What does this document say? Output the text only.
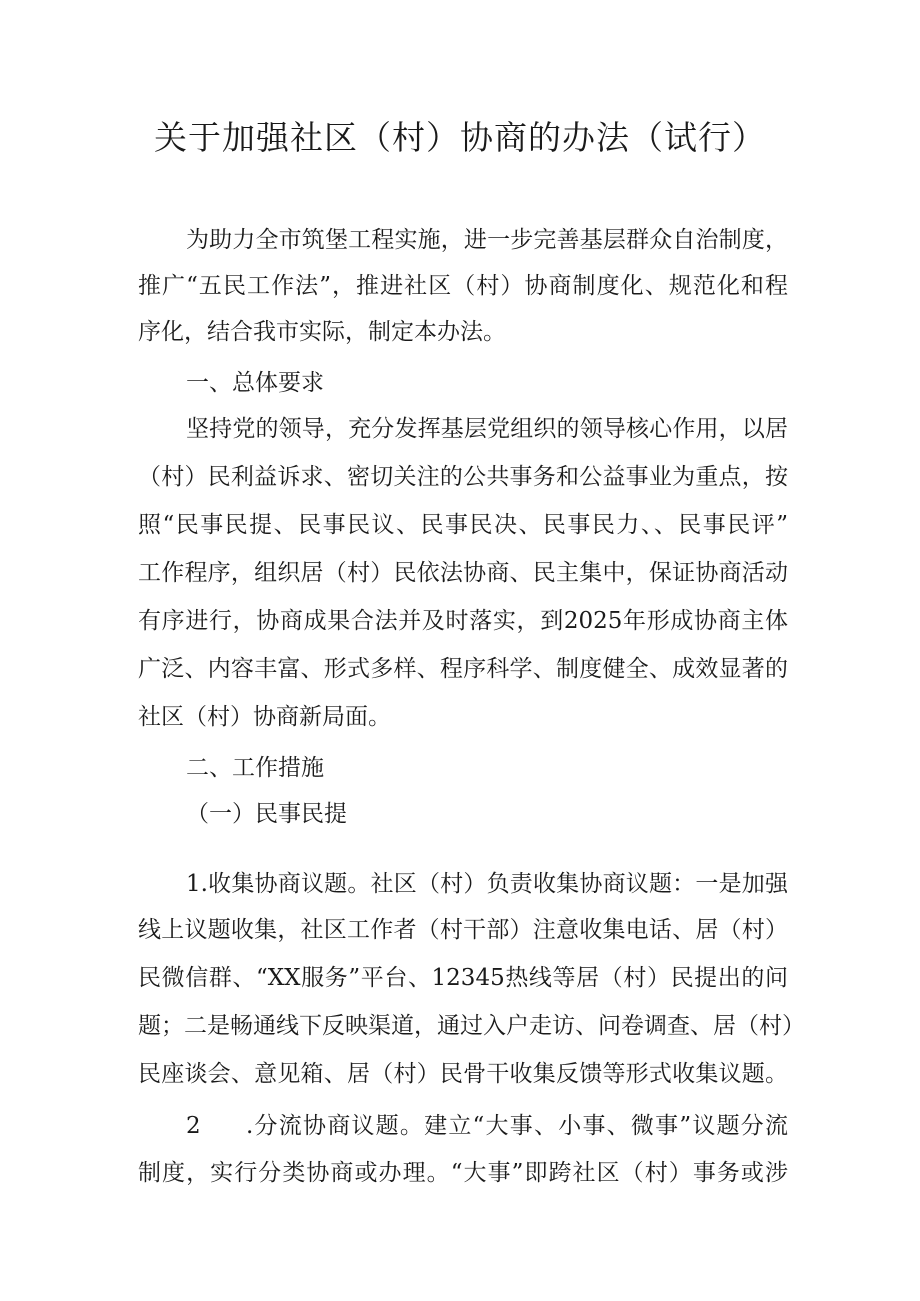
关于加强社区（村）协商的办法（试行）

为助力全市筑堡工程实施，进一步完善基层群众自治制度，

推广“五民工作法”，推进社区（村）协商制度化、规范化和程

序化，结合我市实际，制定本办法。

一、总体要求

坚持党的领导，充分发挥基层党组织的领导核心作用，以居

（村）民利益诉求、密切关注的公共事务和公益事业为重点，按

照“民事民提、民事民议、民事民决、民事民力、、民事民评”

工作程序，组织居（村）民依法协商、民主集中，保证协商活动

有序进行，协商成果合法并及时落实，到2025年形成协商主体

广泛、内容丰富、形式多样、程序科学、制度健全、成效显著的

社区（村）协商新局面。

二、工作措施

（一）民事民提

1.收集协商议题。社区（村）负责收集协商议题：一是加强

线上议题收集，社区工作者（村干部）注意收集电话、居（村）

民微信群、“XX服务”平台、12345热线等居（村）民提出的问

题；二是畅通线下反映渠道，通过入户走访、问卷调查、居（村）

民座谈会、意见箱、居（村）民骨干收集反馈等形式收集议题。

2 .分流协商议题。建立“大事、小事、微事”议题分流

制度，实行分类协商或办理。“大事”即跨社区（村）事务或涉
